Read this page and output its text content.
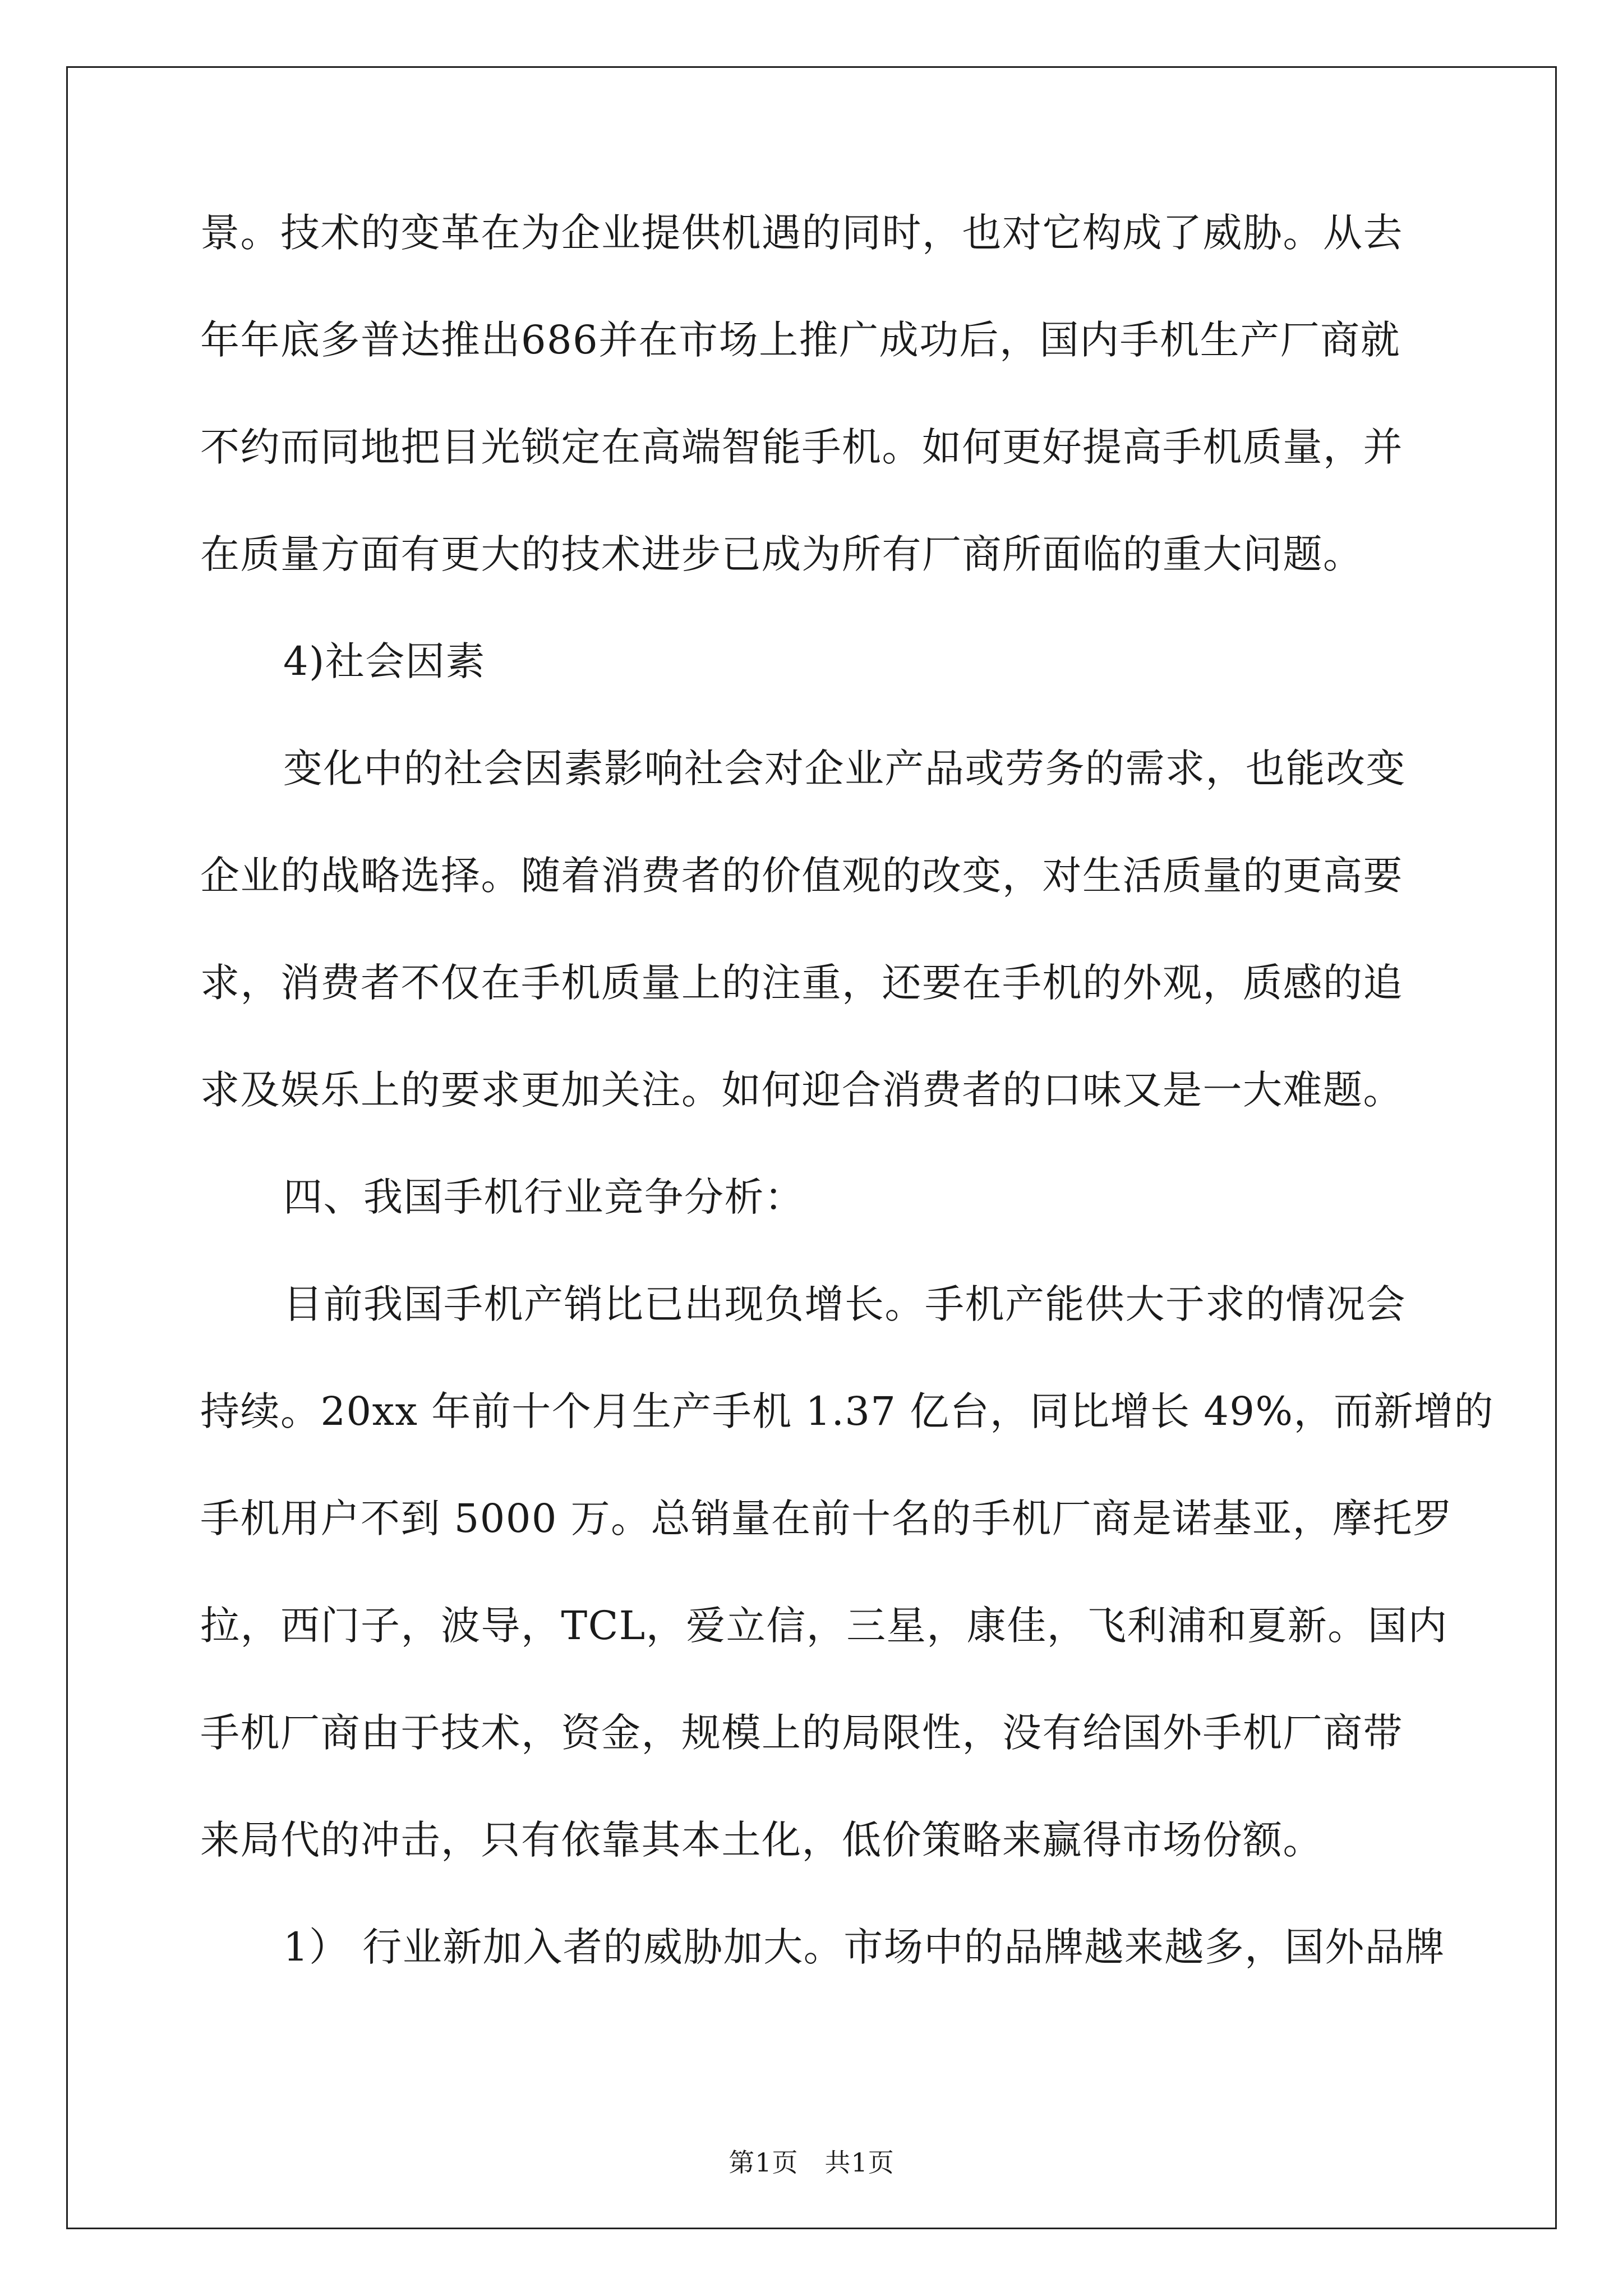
景。技术的变革在为企业提供机遇的同时，也对它构成了威胁。从去

年年底多普达推出686并在市场上推广成功后，国内手机生产厂商就

不约而同地把目光锁定在高端智能手机。如何更好提高手机质量，并

在质量方面有更大的技术进步已成为所有厂商所面临的重大问题。

4)社会因素

变化中的社会因素影响社会对企业产品或劳务的需求，也能改变

企业的战略选择。随着消费者的价值观的改变，对生活质量的更高要

求，消费者不仅在手机质量上的注重，还要在手机的外观，质感的追

求及娱乐上的要求更加关注。如何迎合消费者的口味又是一大难题。

四、我国手机行业竞争分析：

目前我国手机产销比已出现负增长。手机产能供大于求的情况会

持续。20xx 年前十个月生产手机 1.37 亿台，同比增长 49%，而新增的

手机用户不到 5000 万。总销量在前十名的手机厂商是诺基亚，摩托罗

拉，西门子，波导，TCL，爱立信，三星，康佳，飞利浦和夏新。国内

手机厂商由于技术，资金，规模上的局限性，没有给国外手机厂商带

来局代的冲击，只有依靠其本土化，低价策略来赢得市场份额。

1） 行业新加入者的威胁加大。市场中的品牌越来越多，国外品牌

第1页　共1页
